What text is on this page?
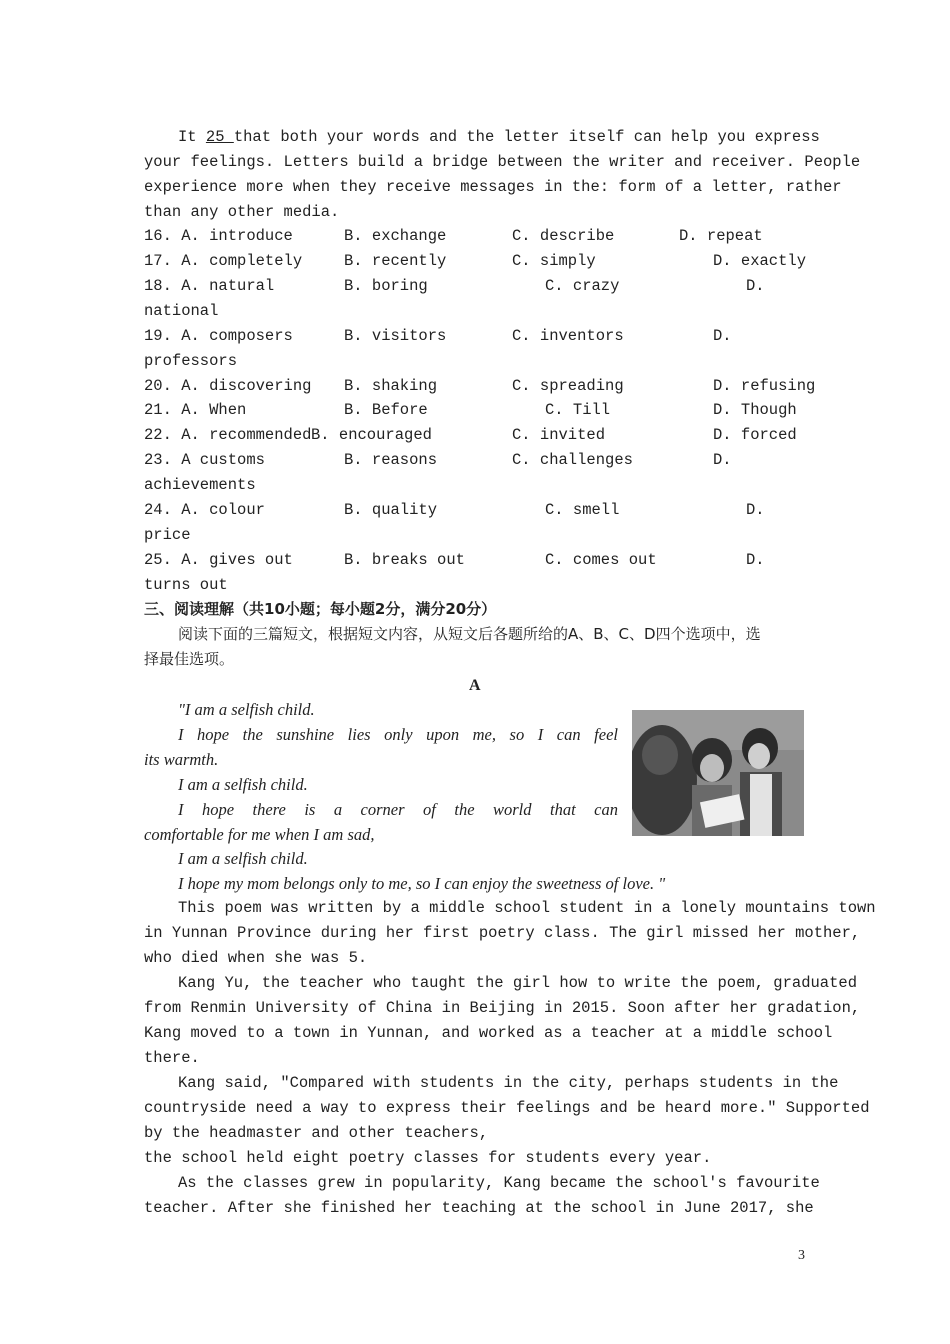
It 25 that both your words and the letter itself can help you express
your feelings. Letters build a bridge between the writer and receiver. People
experience more when they receive messages in the: form of a letter, rather
than any other media.
16. A. introduce	B. exchange	C. describe	D. repeat
17. A. completely	B. recently	C. simply	D. exactly
18. A. natural	B. boring	C. crazy	D.
national
19. A. composers	B. visitors	C. inventors	D.
professors
20. A. discovering B. shaking	C. spreading	D. refusing
21. A. When	B. Before	C. Till	D. Though
22. A. recommended B. encouraged	C. invited	D. forced
23. A customs	B. reasons	C. challenges	D.
achievements
24. A. colour	B. quality	C. smell	D.
price
25. A. gives out	B. breaks out	C. comes out	D.
turns out
三、阅读理解（共10小题；每小题2分，满分20分）
阅读下面的三篇短文，根据短文内容，从短文后各题所给的A、B、C、D四个选项中，选
择最佳选项。
A
"I am a selfish child.
I hope the sunshine lies only upon me, so I can feel
its warmth.
I am a selfish child.
I hope there is a corner of the world that can
comfortable for me when I am sad,
I am a selfish child.
I hope my mom belongs only to me, so I can enjoy the sweetness of love. "
This poem was written by a middle school student in a lonely mountains town
in Yunnan Province during her first poetry class. The girl missed her mother,
who died when she was 5.
Kang Yu, the teacher who taught the girl how to write the poem, graduated
from Renmin University of China in Beijing in 2015. Soon after her gradation,
Kang moved to a town in Yunnan, and worked as a teacher at a middle school
there.
Kang said, "Compared with students in the city, perhaps students in the
countryside need a way to express their feelings and be heard more." Supported
by the headmaster and other teachers,
the school held eight poetry classes for students every year.
As the classes grew in popularity, Kang became the school's favourite
teacher. After she finished her teaching at the school in June 2017, she
3
